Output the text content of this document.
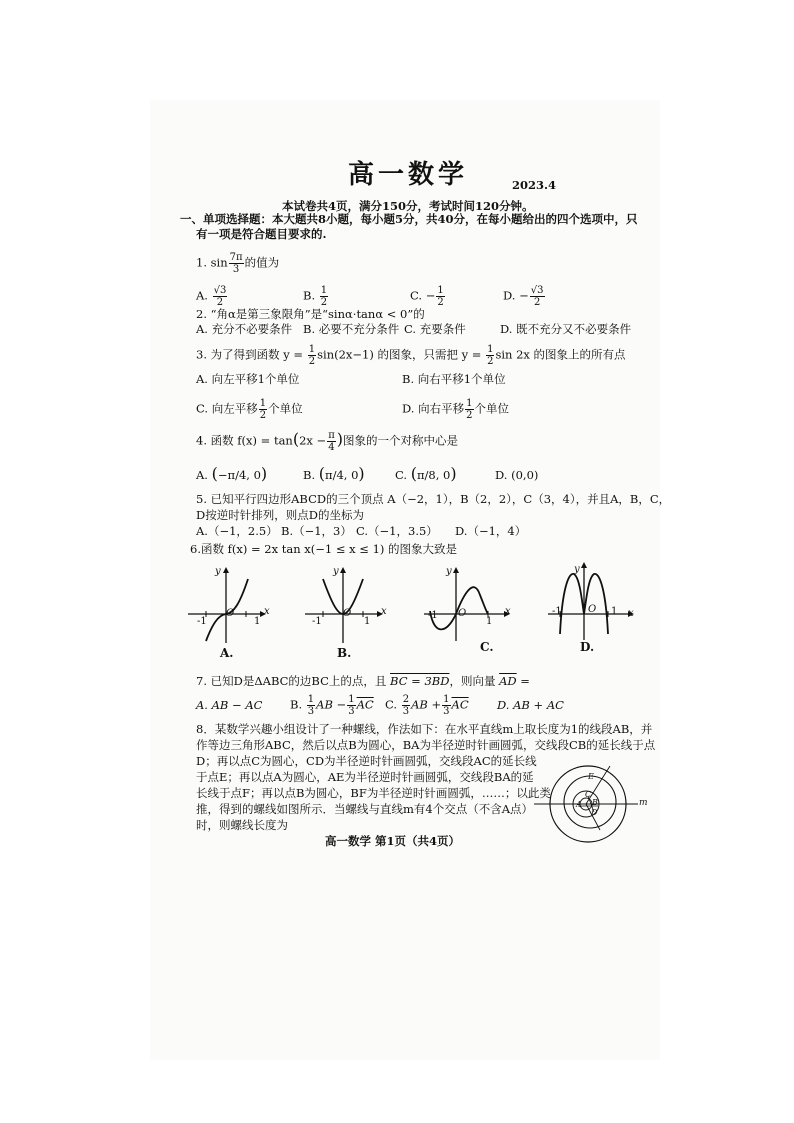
高一数学	2023.4
本试卷共4页，满分150分，考试时间120分钟。
一、单项选择题：本大题共8小题，每小题5分，共40分，在每小题给出的四个选项中，只
有一项是符合题目要求的.
1. $\sin \frac{7\pi}{3}$ 的值为
A. $\frac{√3}{2}$	B. $\frac{1}{2}$	C. − $\frac{1}{2}$	D. − $\frac{√3}{2}$
2. “角α是第三象限角”是“sinα·tanα < 0”的
A. 充分不必要条件 B. 必要不充分条件 C. 充要条件	D. 既不充分又不必要条件
3. 为了得到函数 $y = \frac{1}{2} \sin(2x-1)$ 的图象，只需把 $y = \frac{1}{2}$ sin 2x 的图象上的所有点
A. 向左平移1个单位	B. 向右平移1个单位
C. 向左平移 $\frac{1}{2}$ 个单位	D. 向右平移 $\frac{1}{2}$ 个单位
4. 函数 $f(x) = \tan(2x - \frac{\pi}{4}$ )图象的一个对称中心是
A. (−π/4, 0)	B. (π/4, 0)	C. (π/8, 0)	D. (0,0)
5. 已知平行四边形ABCD的三个顶点 A（−2，1），B（2，2），C（3，4），并且A，B，C，
D按逆时针排列，则点D的坐标为
A.（−1，2.5） B.（−1，3） C.（−1，3.5） D.（−1，4）
6.函数 f(x) = 2x tan x(−1 ≤ x ≤ 1) 的图象大致是
-1	1
y
x
O
A.
-1	1
y
x
O
B.
-1
1
y
x
O
C.
-1	1
y
x
O
D.
7. 已知D是ΔABC的边BC上的点，且 BC = 3BD，则向量 $\overline{AD}$ =
A. AB − AC B. $\frac{1}{3}$ AB − $\frac{1}{3} \overline{AC}$ C. $\frac{2}{3}$ AB + $\frac{1}{3} \overline{AC}$ D. AB + AC
8．某数学兴趣小组设计了一种螺线，作法如下：在水平直线m上取长度为1的线段AB，并
作等边三角形ABC，然后以点B为圆心，BA为半径逆时针画圆弧，交线段CB的延长线于点
D；再以点C为圆心，CD为半径逆时针画圆弧，交线段AC的延长线
于点E；再以点A为圆心，AE为半径逆时针画圆弧，交线段BA的延
长线于点F；再以点B为圆心，BF为半径逆时针画圆弧，……；以此类
推，得到的螺线如图所示．当螺线与直线m有4个交点（不含A点）
时，则螺线长度为
E
C
A B
D
m
高一数学 第1页（共4页）
